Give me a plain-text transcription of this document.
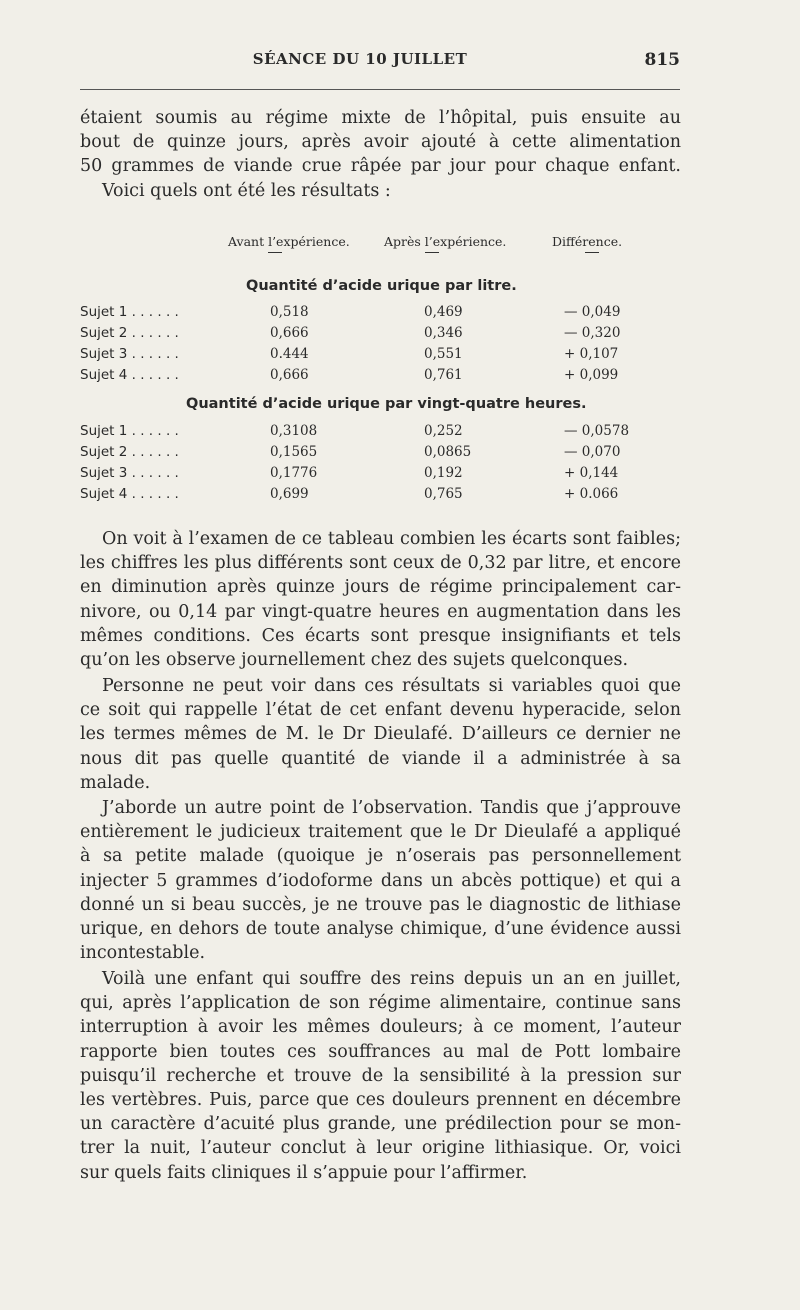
SÉANCE DU 10 JUILLET	815
étaient soumis au régime mixte de l’hôpital, puis ensuite au
bout de quinze jours, après avoir ajouté à cette alimentation
50 grammes de viande crue râpée par jour pour chaque enfant.
Voici quels ont été les résultats :
Avant l’expérience.	Après l’expérience.	Différence.
Quantité d’acide urique par litre.
Sujet 1 . . . . . .	0,518	0,469	— 0,049
Sujet 2 . . . . . .	0,666	0,346	— 0,320
Sujet 3 . . . . . .	0.444	0,551	+ 0,107
Sujet 4 . . . . . .	0,666	0,761	+ 0,099
Quantité d’acide urique par vingt-quatre heures.
Sujet 1 . . . . . .	0,3108	0,252	— 0,0578
Sujet 2 . . . . . .	0,1565	0,0865	— 0,070
Sujet 3 . . . . . .	0,1776	0,192	+ 0,144
Sujet 4 . . . . . .	0,699	0,765	+ 0.066
On voit à l’examen de ce tableau combien les écarts sont faibles;
les chiffres les plus différents sont ceux de 0,32 par litre, et encore
en diminution après quinze jours de régime principalement car-
nivore, ou 0,14 par vingt-quatre heures en augmentation dans les
mêmes conditions. Ces écarts sont presque insignifiants et tels
qu’on les observe journellement chez des sujets quelconques.
Personne ne peut voir dans ces résultats si variables quoi que
ce soit qui rappelle l’état de cet enfant devenu hyperacide, selon
les termes mêmes de M. le Dr Dieulafé. D’ailleurs ce dernier ne
nous dit pas quelle quantité de viande il a administrée à sa
malade.
J’aborde un autre point de l’observation. Tandis que j’approuve
entièrement le judicieux traitement que le Dr Dieulafé a appliqué
à sa petite malade (quoique je n’oserais pas personnellement
injecter 5 grammes d’iodoforme dans un abcès pottique) et qui a
donné un si beau succès, je ne trouve pas le diagnostic de lithiase
urique, en dehors de toute analyse chimique, d’une évidence aussi
incontestable.
Voilà une enfant qui souffre des reins depuis un an en juillet,
qui, après l’application de son régime alimentaire, continue sans
interruption à avoir les mêmes douleurs; à ce moment, l’auteur
rapporte bien toutes ces souffrances au mal de Pott lombaire
puisqu’il recherche et trouve de la sensibilité à la pression sur
les vertèbres. Puis, parce que ces douleurs prennent en décembre
un caractère d’acuité plus grande, une prédilection pour se mon-
trer la nuit, l’auteur conclut à leur origine lithiasique. Or, voici
sur quels faits cliniques il s’appuie pour l’affirmer.
